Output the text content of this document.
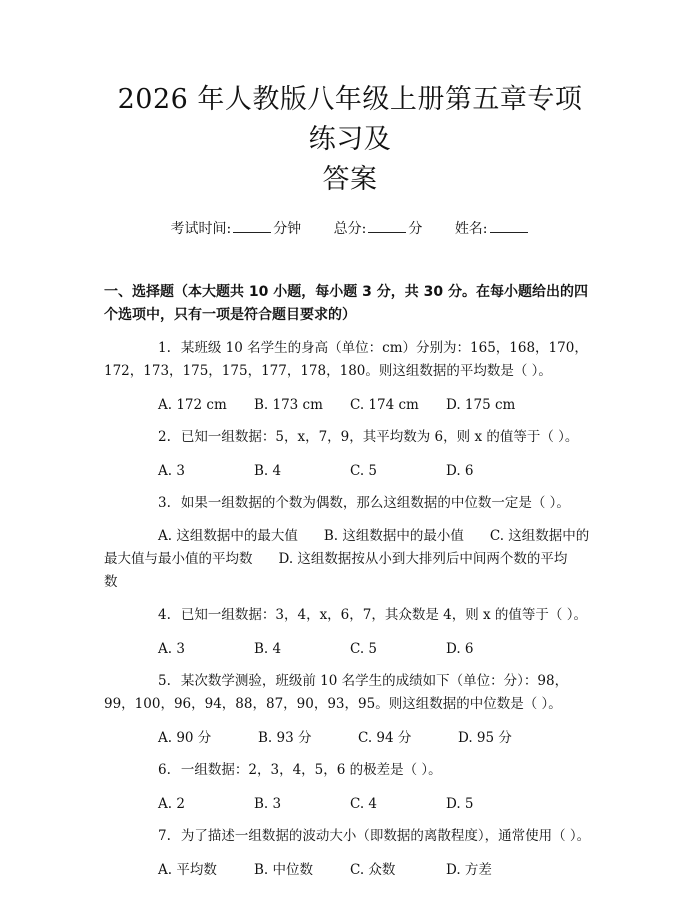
2026 年人教版八年级上册第五章专项练习及
答案
考试时间:	分钟 总分:	分 姓名:
一、选择题（本大题共 10 小题，每小题 3 分，共 30 分。在每小题给出的四个选项中，只有一项是符合题目要求的）
1. 某班级 10 名学生的身高（单位：cm）分别为：165，168，170，172，173，175，175，177，178，180。则这组数据的平均数是（ ）。
A. 172 cm B. 173 cm C. 174 cm D. 175 cm
2. 已知一组数据：5，x，7，9，其平均数为 6，则 x 的值等于（ ）。
A. 3	B. 4	C. 5	D. 6
3. 如果一组数据的个数为偶数，那么这组数据的中位数一定是（ ）。
A. 这组数据中的最大值 B. 这组数据中的最小值 C. 这组数据中的最大值与最小值的平均数 D. 这组数据按从小到大排列后中间两个数的平均数
4. 已知一组数据：3，4，x，6，7，其众数是 4，则 x 的值等于（ ）。
A. 3	B. 4	C. 5	D. 6
5. 某次数学测验，班级前 10 名学生的成绩如下（单位：分）：98，99，100，96，94，88，87，90，93，95。则这组数据的中位数是（ ）。
A. 90 分	B. 93 分	C. 94 分	D. 95 分
6. 一组数据：2，3，4，5，6 的极差是（ ）。
A. 2	B. 3	C. 4	D. 5
7. 为了描述一组数据的波动大小（即数据的离散程度），通常使用（ ）。
A. 平均数	B. 中位数	C. 众数	D. 方差
